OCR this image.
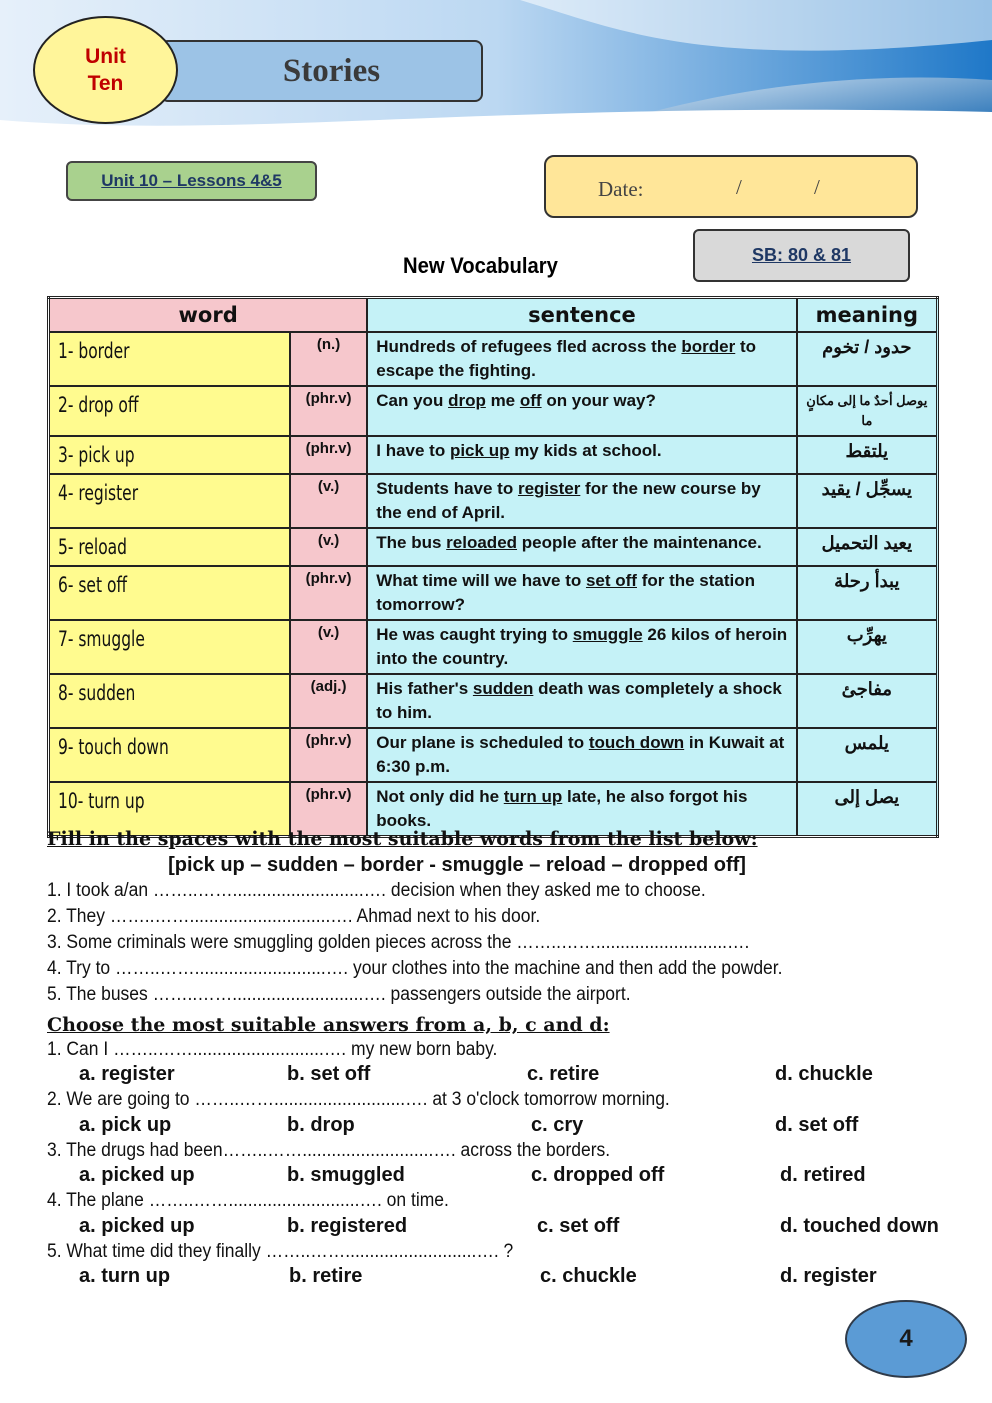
Unit
Ten	Stories
Unit 10 – Lessons 4&5	Date:	/	/
SB: 80 & 81
New Vocabulary
word		sentence	meaning
1- border	(n.)	Hundreds of refugees fled across the border to escape the fighting.	حدود / تخوم
2- drop off	(phr.v)	Can you drop me off on your way?	يوصل أحدٌ ما إلى مكانٍ ما
3- pick up	(phr.v)	I have to pick up my kids at school.	يلتقط
4- register	(v.)	Students have to register for the new course by the end of April.	يسجِّل / يقيد
5- reload	(v.)	The bus reloaded people after the maintenance.	يعيد التحميل
6- set off	(phr.v)	What time will we have to set off for the station tomorrow?	يبدأ رحلة
7- smuggle	(v.)	He was caught trying to smuggle 26 kilos of heroin into the country.	يهرِّب
8- sudden	(adj.)	His father's sudden death was completely a shock to him.	مفاجئ
9- touch down	(phr.v)	Our plane is scheduled to touch down in Kuwait at 6:30 p.m.	يلمس
10- turn up	(phr.v)	Not only did he turn up late, he also forgot his books.	يصل إلى
Fill in the spaces with the most suitable words from the list below:
[pick up – sudden – border - smuggle – reload – dropped off]
1. I took a/an ……..……...........................…. decision when they asked me to choose.
2. They ……..…….............................…. Ahmad next to his door.
3. Some criminals were smuggling golden pieces across the ……..……...........................….
4. Try to ……..……...........................…. your clothes into the machine and then add the powder.
5. The buses ……..……...........................…. passengers outside the airport.
Choose the most suitable answers from a, b, c and d:
1. Can I ……..……...........................…. my new born baby.
a. register	b. set off	c. retire	d. chuckle
2. We are going to ……..……...........................…. at 3 o'clock tomorrow morning.
a. pick up	b. drop	c. cry	d. set off
3. The drugs had been……..……...........................…. across the borders.
a. picked up	b. smuggled	c. dropped off	d. retired
4. The plane ……..……...........................…. on time.
a. picked up	b. registered	c. set off	d. touched down
5. What time did they finally ……..……...........................…. ?
a. turn up	b. retire	c. chuckle	d. register
4
